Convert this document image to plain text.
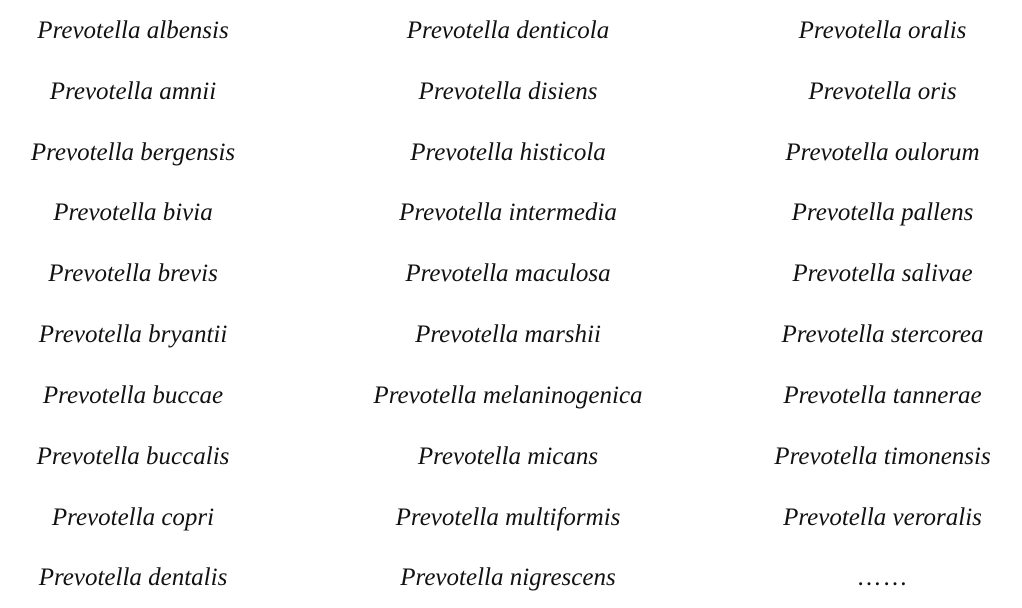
Prevotella albensis
Prevotella amnii
Prevotella bergensis
Prevotella bivia
Prevotella brevis
Prevotella bryantii
Prevotella buccae
Prevotella buccalis
Prevotella copri
Prevotella dentalis
Prevotella denticola
Prevotella disiens
Prevotella histicola
Prevotella intermedia
Prevotella maculosa
Prevotella marshii
Prevotella melaninogenica
Prevotella micans
Prevotella multiformis
Prevotella nigrescens
Prevotella oralis
Prevotella oris
Prevotella oulorum
Prevotella pallens
Prevotella salivae
Prevotella stercorea
Prevotella tannerae
Prevotella timonensis
Prevotella veroralis
……
